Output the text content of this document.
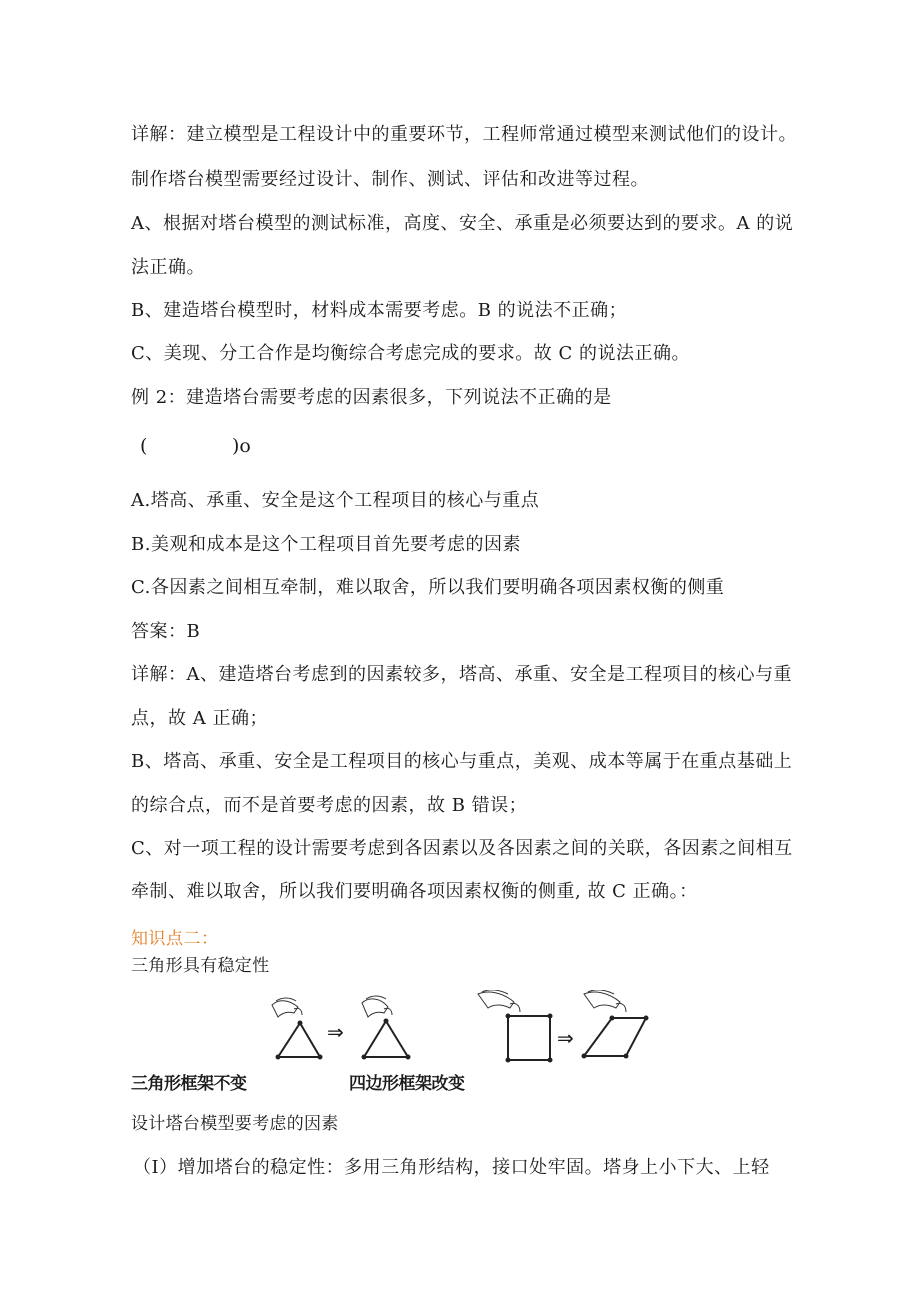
详解：建立模型是工程设计中的重要环节，工程师常通过模型来测试他们的设计。
制作塔台模型需要经过设计、制作、测试、评估和改进等过程。
A、根据对塔台模型的测试标准，高度、安全、承重是必须要达到的要求。A 的说
法正确。
B、建造塔台模型时，材料成本需要考虑。B 的说法不正确；
C、美现、分工合作是均衡综合考虑完成的要求。故 C 的说法正确。
例 2：建造塔台需要考虑的因素很多，下列说法不正确的是
(              )o
A.塔高、承重、安全是这个工程项目的核心与重点
B.美观和成本是这个工程项目首先要考虑的因素
C.各因素之间相互牵制，难以取舍，所以我们要明确各项因素权衡的侧重
答案：B
详解：A、建造塔台考虑到的因素较多，塔高、承重、安全是工程项目的核心与重
点，故 A 正确；
B、塔高、承重、安全是工程项目的核心与重点，美观、成本等属于在重点基础上
的综合点，而不是首要考虑的因素，故 B 错误；
C、对一项工程的设计需要考虑到各因素以及各因素之间的关联，各因素之间相互
牵制、难以取舍，所以我们要明确各项因素权衡的侧重, 故 C 正确。：
知识点二：
三角形具有稳定性
⇒	⇒
三角形框架不变	四边形框架改变
设计塔台模型要考虑的因素
（I）增加塔台的稳定性：多用三角形结构，接口处牢固。塔身上小下大、上轻
